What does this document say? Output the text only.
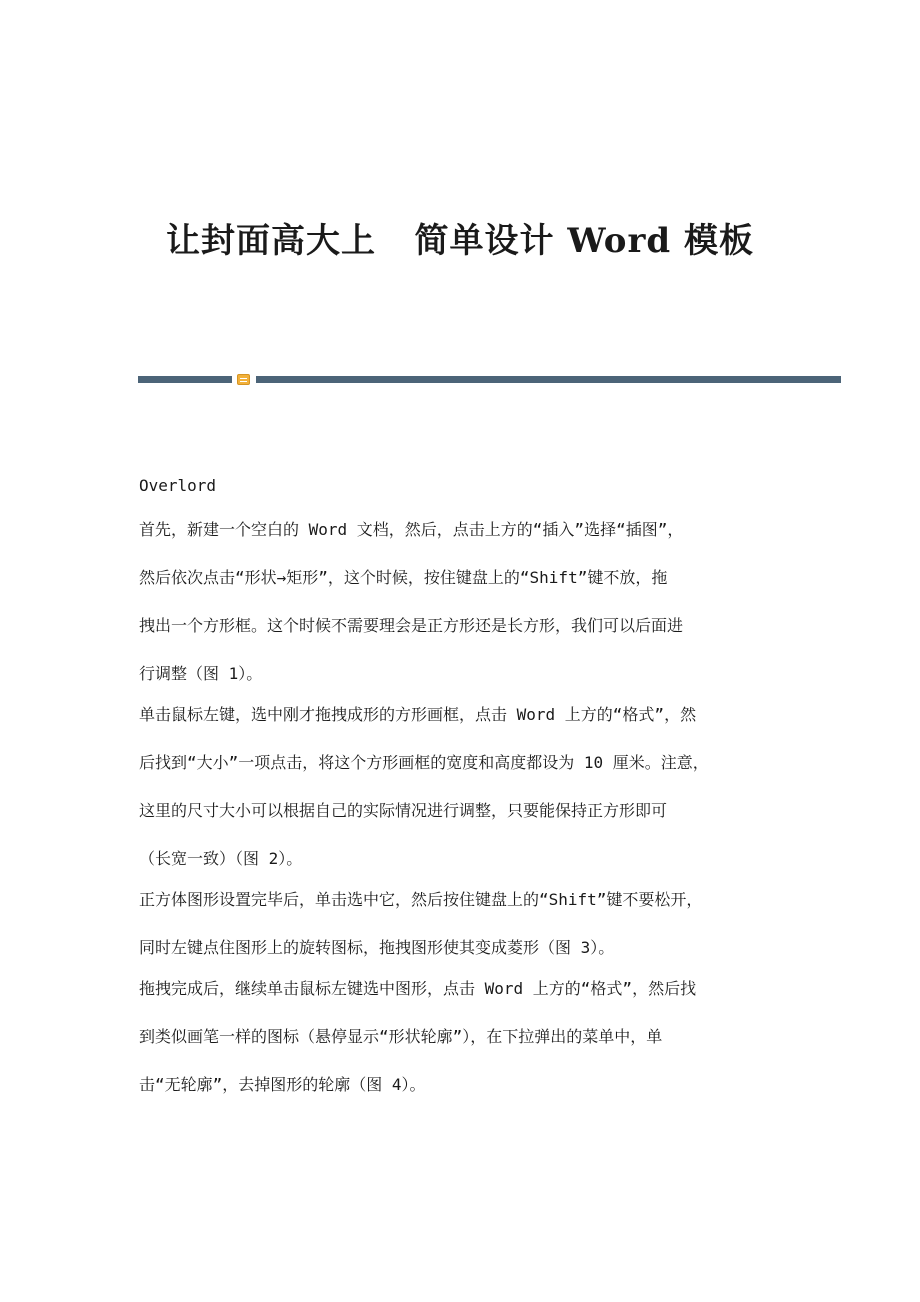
让封面高大上   简单设计 Word 模板
Overlord
首先，新建一个空白的 Word 文档，然后，点击上方的“插入”选择“插图”，
然后依次点击“形状→矩形”，这个时候，按住键盘上的“Shift”键不放，拖
拽出一个方形框。这个时候不需要理会是正方形还是长方形，我们可以后面进
行调整（图 1）。
单击鼠标左键，选中刚才拖拽成形的方形画框，点击 Word 上方的“格式”，然
后找到“大小”一项点击，将这个方形画框的宽度和高度都设为 10 厘米。注意，
这里的尺寸大小可以根据自己的实际情况进行调整，只要能保持正方形即可
（长宽一致）（图 2）。
正方体图形设置完毕后，单击选中它，然后按住键盘上的“Shift”键不要松开，
同时左键点住图形上的旋转图标，拖拽图形使其变成菱形（图 3）。
拖拽完成后，继续单击鼠标左键选中图形，点击 Word 上方的“格式”，然后找
到类似画笔一样的图标（悬停显示“形状轮廓”），在下拉弹出的菜单中，单
击“无轮廓”，去掉图形的轮廓（图 4）。
